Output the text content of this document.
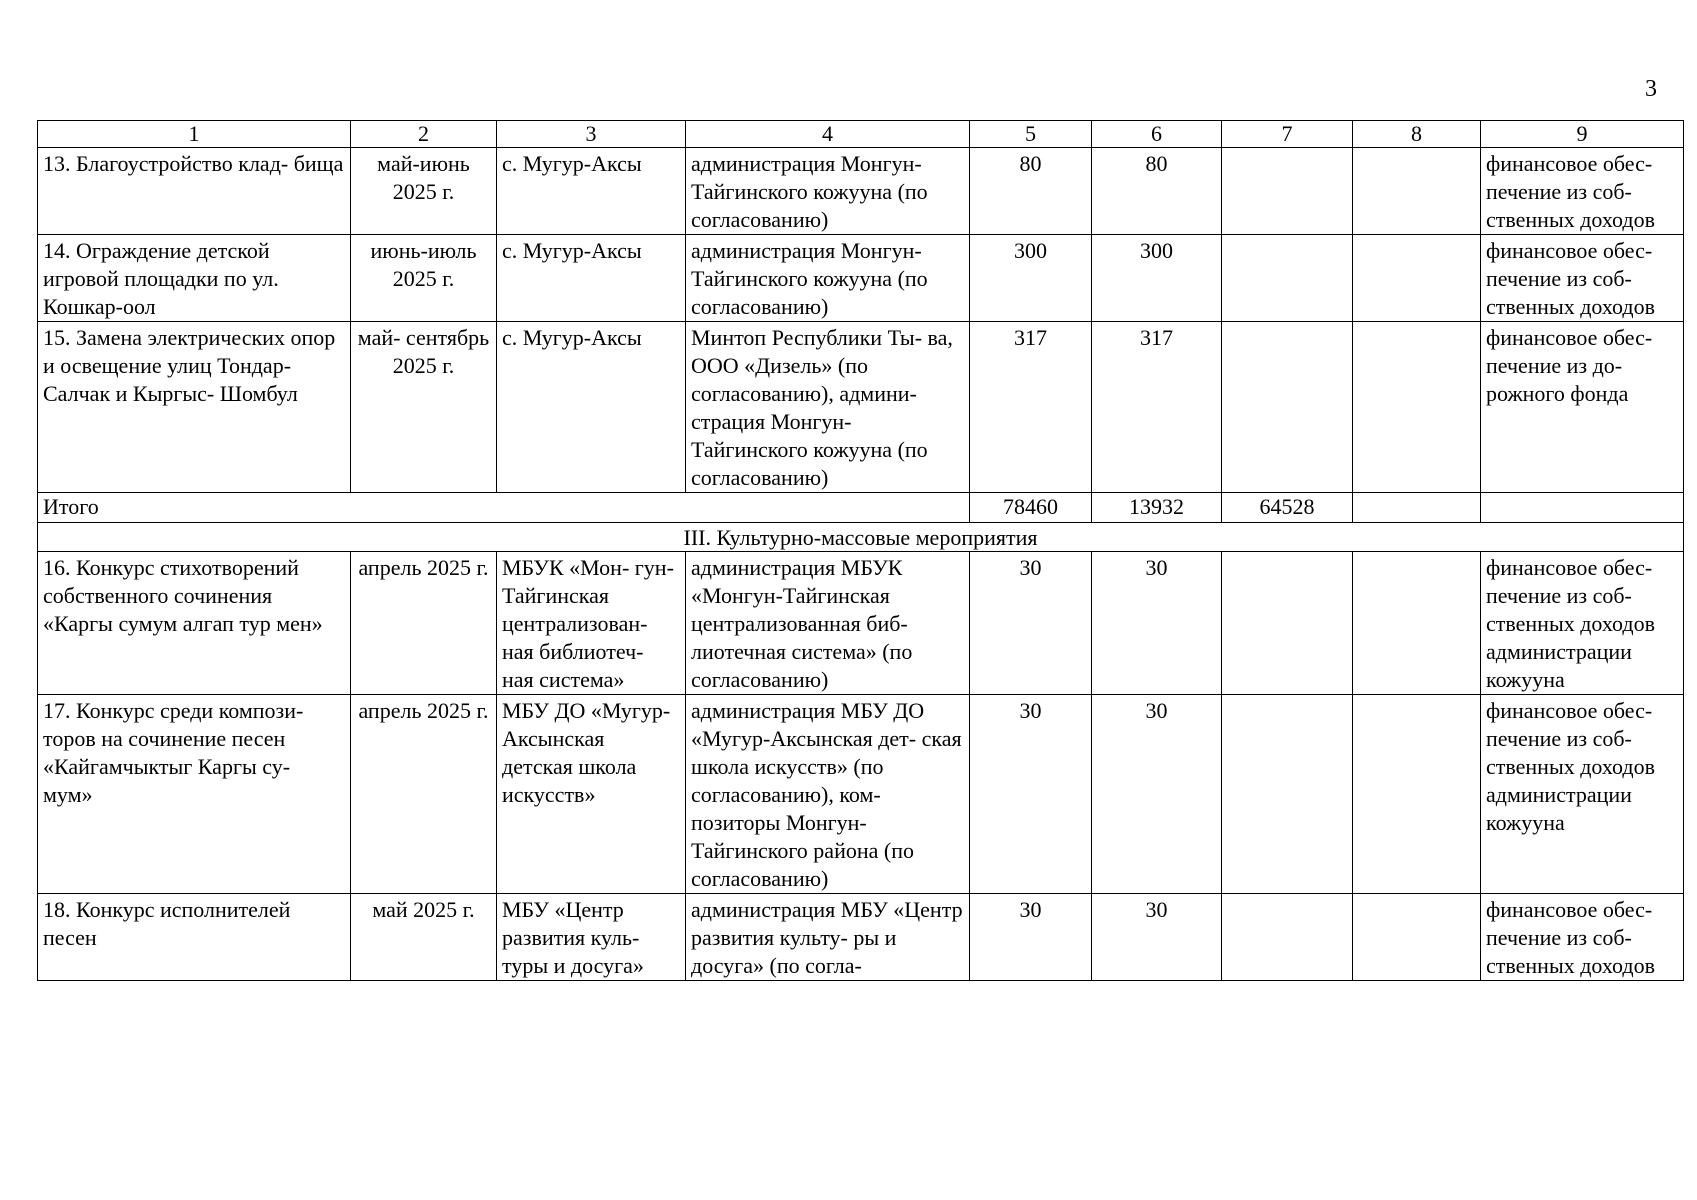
3
1	2	3	4	5	6	7	8	9
13. Благоустройство клад- бища	май-июнь 2025 г.	с. Мугур-Аксы	администрация Монгун- Тайгинского кожууна (по согласованию)	80	80			финансовое обес- печение из соб- ственных доходов
14. Ограждение детской игровой площадки по ул. Кошкар-оол	июнь-июль 2025 г.	с. Мугур-Аксы	администрация Монгун- Тайгинского кожууна (по согласованию)	300	300			финансовое обес- печение из соб- ственных доходов
15. Замена электрических опор и освещение улиц Тондар-Салчак и Кыргыс- Шомбул	май- сентябрь 2025 г.	с. Мугур-Аксы	Минтоп Республики Ты- ва, ООО «Дизель» (по согласованию), админи- страция Монгун- Тайгинского кожууна (по согласованию)	317	317			финансовое обес- печение из до- рожного фонда
Итого				78460	13932	64528		
III. Культурно-массовые мероприятия								
16. Конкурс стихотворений собственного сочинения «Каргы сумум алгап тур мен»	апрель 2025 г.	МБУК «Мон- гун-Тайгинская централизован- ная библиотеч- ная система»	администрация МБУК «Монгун-Тайгинская централизованная биб- лиотечная система» (по согласованию)	30	30			финансовое обес- печение из соб- ственных доходов администрации кожууна
17. Конкурс среди компози- торов на сочинение песен «Кайгамчыктыг Каргы су- мум»	апрель 2025 г.	МБУ ДО «Мугур- Аксынская детская школа искусств»	администрация МБУ ДО «Мугур-Аксынская дет- ская школа искусств» (по согласованию), ком- позиторы Монгун- Тайгинского района (по согласованию)	30	30			финансовое обес- печение из соб- ственных доходов администрации кожууна
18. Конкурс исполнителей песен	май 2025 г.	МБУ «Центр развития куль- туры и досуга»	администрация МБУ «Центр развития культу- ры и досуга» (по согла-	30	30			финансовое обес- печение из соб- ственных доходов
